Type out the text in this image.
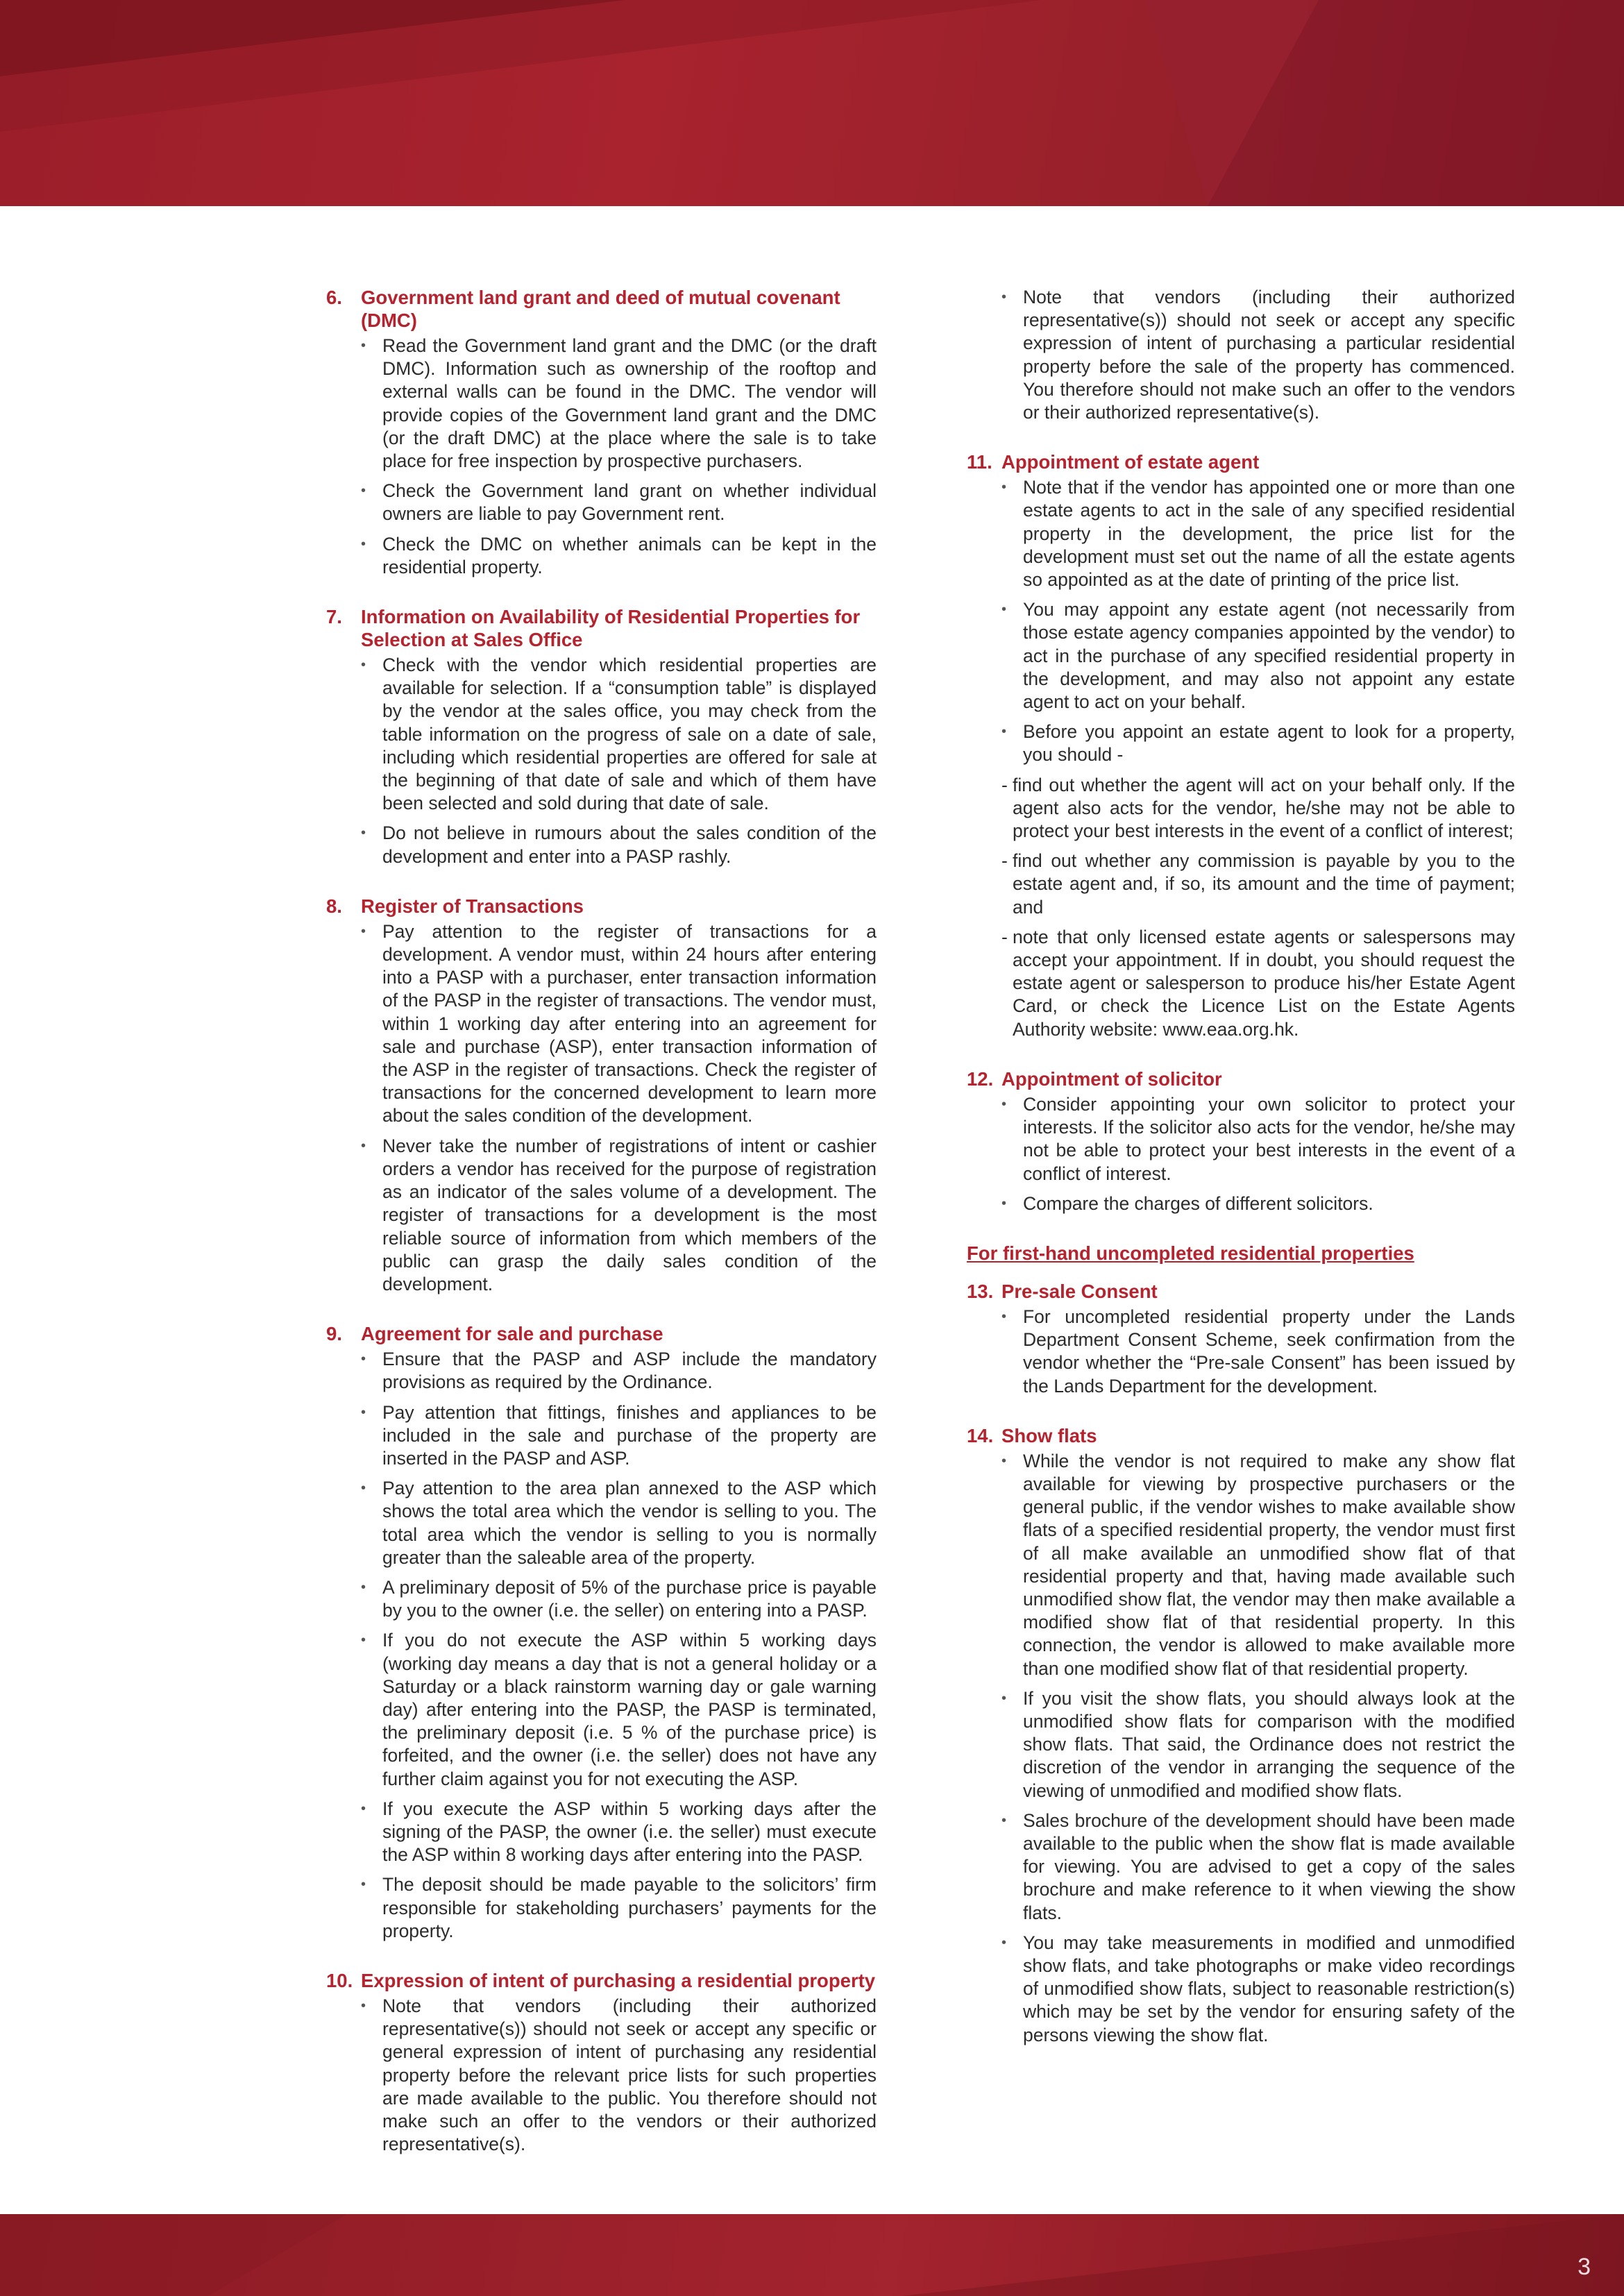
6. Government land grant and deed of mutual covenant (DMC)
• Read the Government land grant and the DMC (or the draft DMC). Information such as ownership of the rooftop and external walls can be found in the DMC. The vendor will provide copies of the Government land grant and the DMC (or the draft DMC) at the place where the sale is to take place for free inspection by prospective purchasers.
• Check the Government land grant on whether individual owners are liable to pay Government rent.
• Check the DMC on whether animals can be kept in the residential property.
7. Information on Availability of Residential Properties for Selection at Sales Office
• Check with the vendor which residential properties are available for selection. If a “consumption table” is displayed by the vendor at the sales office, you may check from the table information on the progress of sale on a date of sale, including which residential properties are offered for sale at the beginning of that date of sale and which of them have been selected and sold during that date of sale.
• Do not believe in rumours about the sales condition of the development and enter into a PASP rashly.
8. Register of Transactions
• Pay attention to the register of transactions for a development. A vendor must, within 24 hours after entering into a PASP with a purchaser, enter transaction information of the PASP in the register of transactions. The vendor must, within 1 working day after entering into an agreement for sale and purchase (ASP), enter transaction information of the ASP in the register of transactions. Check the register of transactions for the concerned development to learn more about the sales condition of the development.
• Never take the number of registrations of intent or cashier orders a vendor has received for the purpose of registration as an indicator of the sales volume of a development. The register of transactions for a development is the most reliable source of information from which members of the public can grasp the daily sales condition of the development.
9. Agreement for sale and purchase
• Ensure that the PASP and ASP include the mandatory provisions as required by the Ordinance.
• Pay attention that fittings, finishes and appliances to be included in the sale and purchase of the property are inserted in the PASP and ASP.
• Pay attention to the area plan annexed to the ASP which shows the total area which the vendor is selling to you. The total area which the vendor is selling to you is normally greater than the saleable area of the property.
• A preliminary deposit of 5% of the purchase price is payable by you to the owner (i.e. the seller) on entering into a PASP.
• If you do not execute the ASP within 5 working days (working day means a day that is not a general holiday or a Saturday or a black rainstorm warning day or gale warning day) after entering into the PASP, the PASP is terminated, the preliminary deposit (i.e. 5 % of the purchase price) is forfeited, and the owner (i.e. the seller) does not have any further claim against you for not executing the ASP.
• If you execute the ASP within 5 working days after the signing of the PASP, the owner (i.e. the seller) must execute the ASP within 8 working days after entering into the PASP.
• The deposit should be made payable to the solicitors’ firm responsible for stakeholding purchasers’ payments for the property.
10. Expression of intent of purchasing a residential property
• Note that vendors (including their authorized representative(s)) should not seek or accept any specific or general expression of intent of purchasing any residential property before the relevant price lists for such properties are made available to the public. You therefore should not make such an offer to the vendors or their authorized representative(s).
• Note that vendors (including their authorized representative(s)) should not seek or accept any specific expression of intent of purchasing a particular residential property before the sale of the property has commenced. You therefore should not make such an offer to the vendors or their authorized representative(s).
11. Appointment of estate agent
• Note that if the vendor has appointed one or more than one estate agents to act in the sale of any specified residential property in the development, the price list for the development must set out the name of all the estate agents so appointed as at the date of printing of the price list.
• You may appoint any estate agent (not necessarily from those estate agency companies appointed by the vendor) to act in the purchase of any specified residential property in the development, and may also not appoint any estate agent to act on your behalf.
• Before you appoint an estate agent to look for a property, you should -
- find out whether the agent will act on your behalf only. If the agent also acts for the vendor, he/she may not be able to protect your best interests in the event of a conflict of interest;
- find out whether any commission is payable by you to the estate agent and, if so, its amount and the time of payment; and
- note that only licensed estate agents or salespersons may accept your appointment. If in doubt, you should request the estate agent or salesperson to produce his/her Estate Agent Card, or check the Licence List on the Estate Agents Authority website: www.eaa.org.hk.
12. Appointment of solicitor
• Consider appointing your own solicitor to protect your interests. If the solicitor also acts for the vendor, he/she may not be able to protect your best interests in the event of a conflict of interest.
• Compare the charges of different solicitors.
For first-hand uncompleted residential properties
13. Pre-sale Consent
• For uncompleted residential property under the Lands Department Consent Scheme, seek confirmation from the vendor whether the “Pre-sale Consent” has been issued by the Lands Department for the development.
14. Show flats
• While the vendor is not required to make any show flat available for viewing by prospective purchasers or the general public, if the vendor wishes to make available show flats of a specified residential property, the vendor must first of all make available an unmodified show flat of that residential property and that, having made available such unmodified show flat, the vendor may then make available a modified show flat of that residential property. In this connection, the vendor is allowed to make available more than one modified show flat of that residential property.
• If you visit the show flats, you should always look at the unmodified show flats for comparison with the modified show flats. That said, the Ordinance does not restrict the discretion of the vendor in arranging the sequence of the viewing of unmodified and modified show flats.
• Sales brochure of the development should have been made available to the public when the show flat is made available for viewing. You are advised to get a copy of the sales brochure and make reference to it when viewing the show flats.
• You may take measurements in modified and unmodified show flats, and take photographs or make video recordings of unmodified show flats, subject to reasonable restriction(s) which may be set by the vendor for ensuring safety of the persons viewing the show flat.
3
